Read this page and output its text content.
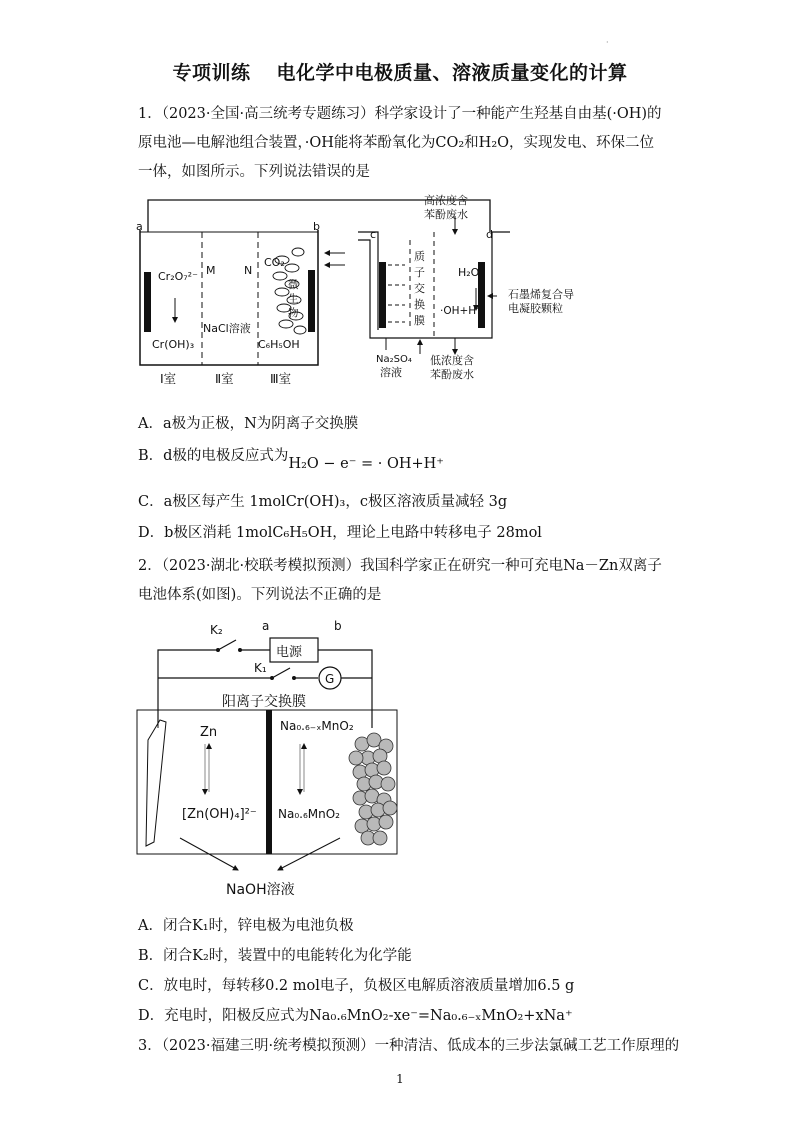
·
专项训练 电化学中电极质量、溶液质量变化的计算
1．（2023·全国·高三统考专题练习）科学家设计了一种能产生羟基自由基(·OH)的原电池—电解池组合装置，·OH能将苯酚氧化为CO₂和H₂O，实现发电、环保二位一体，如图所示。下列说法错误的是
a	b
c	d
Cr₂O₇²⁻
Cr(OH)₃
M	N
NaCl溶液
CO₂
C₆H₅OH
Ⅰ室	Ⅱ室	Ⅲ室
高浓度含
苯酚废水
H₂O
·OH+H⁺
石墨烯复合导
电凝胶颗粒
Na₂SO₄
溶液
低浓度含
苯酚废水
微
生
物
质
子
交
换
膜
A．a极为正极，N为阴离子交换膜
B．d极的电极反应式为H₂O − e⁻ = · OH+H⁺
C．a极区每产生 1molCr(OH)₃，c极区溶液质量减轻 3g
D．b极区消耗 1molC₆H₅OH，理论上电路中转移电子 28mol
2．（2023·湖北·校联考模拟预测）我国科学家正在研究一种可充电Na－Zn双离子电池体系(如图)。下列说法不正确的是
K₂	a	b
电源
K₁
G
阳离子交换膜
Zn
[Zn(OH)₄]²⁻
Na₀.₆₋ₓMnO₂
Na₀.₆MnO₂
NaOH溶液
A．闭合K₁时，锌电极为电池负极
B．闭合K₂时，装置中的电能转化为化学能
C．放电时，每转移0.2 mol电子，负极区电解质溶液质量增加6.5 g
D．充电时，阳极反应式为Na₀.₆MnO₂-xe⁻=Na₀.₆₋ₓMnO₂+xNa⁺
3．（2023·福建三明·统考模拟预测）一种清洁、低成本的三步法氯碱工艺工作原理的
1
